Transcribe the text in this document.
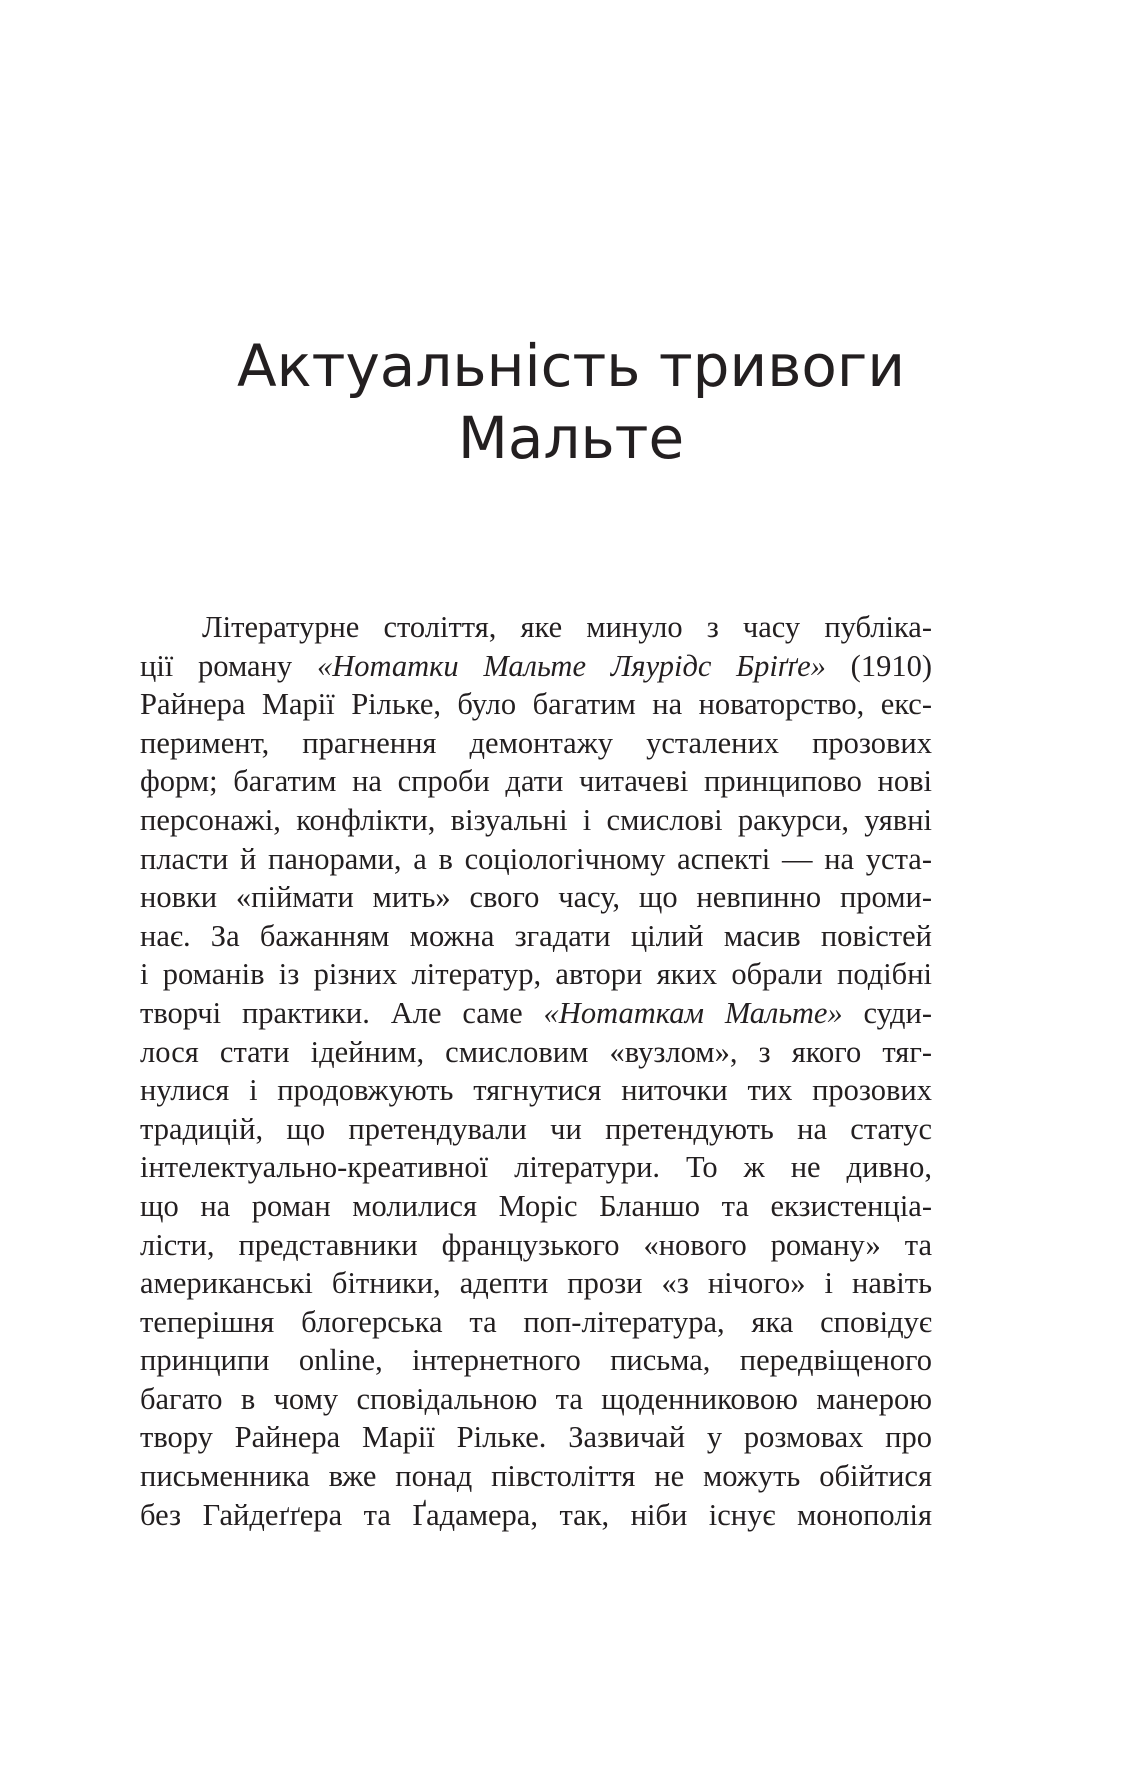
Актуальність тривоги
Мальте
Літературне століття, яке минуло з часу публіка-
ції роману «Нотатки Мальте Ляурідс Бріґґе» (1910)
Райнера Марії Рільке, було багатим на новаторство, екс-
перимент, прагнення демонтажу усталених прозових
форм; багатим на спроби дати читачеві принципово нові
персонажі, конфлікти, візуальні і смислові ракурси, уявні
пласти й панорами, а в соціологічному аспекті — на уста-
новки «піймати мить» свого часу, що невпинно проми-
нає. За бажанням можна згадати цілий масив повістей
і романів із різних літератур, автори яких обрали подібні
творчі практики. Але саме «Нотаткам Мальте» суди-
лося стати ідейним, смисловим «вузлом», з якого тяг-
нулися і продовжують тягнутися ниточки тих прозових
традицій, що претендували чи претендують на статус
інтелектуально-креативної літератури. То ж не дивно,
що на роман молилися Моріс Бланшо та екзистенціа-
лісти, представники французького «нового роману» та
американські бітники, адепти прози «з нічого» і навіть
теперішня блогерська та поп-література, яка сповідує
принципи online, інтернетного письма, передвіщеного
багато в чому сповідальною та щоденниковою манерою
твору Райнера Марії Рільке. Зазвичай у розмовах про
письменника вже понад півстоліття не можуть обійтися
без Гайдеґґера та Ґадамера, так, ніби існує монополія
